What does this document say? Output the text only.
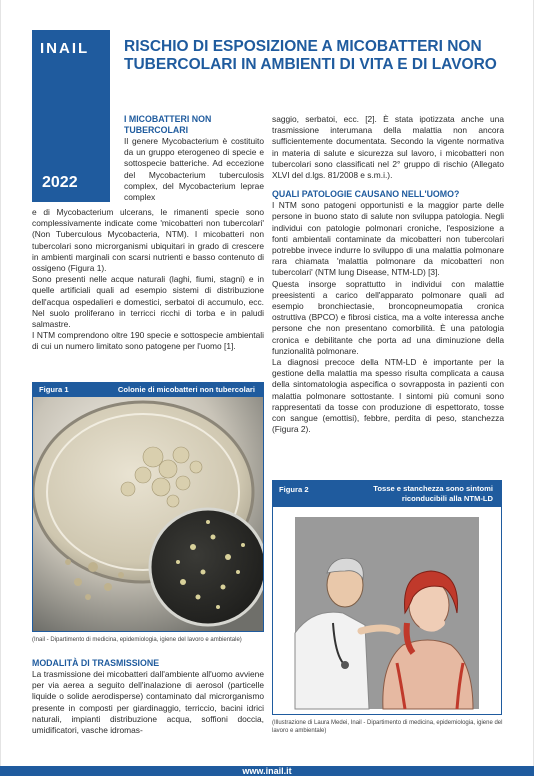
INAIL
2022
RISCHIO DI ESPOSIZIONE A MICOBATTERI NON TUBERCOLARI IN AMBIENTI DI VITA E DI LAVORO
I MICOBATTERI NON TUBERCOLARI

Il genere Mycobacterium è costituito da un gruppo eterogeneo di specie e sottospecie batteriche. Ad eccezione del Mycobacterium tuberculosis complex, del Mycobacterium leprae complex

e di Mycobacterium ulcerans, le rimanenti specie sono complessivamente indicate come 'micobatteri non tubercolari' (Non Tuberculous Mycobacteria, NTM). I micobatteri non tubercolari sono microrganismi ubiquitari in grado di crescere in ambienti marginali con scarsi nutrienti e basso contenuto di ossigeno (Figura 1).

Sono presenti nelle acque naturali (laghi, fiumi, stagni) e in quelle artificiali quali ad esempio sistemi di distribuzione dell'acqua ospedalieri e domestici, serbatoi di accumulo, ecc. Nel suolo proliferano in terricci ricchi di torba e in paludi salmastre.

I NTM comprendono oltre 190 specie e sottospecie ambientali di cui un numero limitato sono patogene per l'uomo [1].

Figura 1	Colonie di micobatteri non tubercolari
(Inail - Dipartimento di medicina, epidemiologia, igiene del lavoro e ambientale)
MODALITÀ DI TRASMISSIONE

La trasmissione dei micobatteri dall'ambiente all'uomo avviene per via aerea a seguito dell'inalazione di aerosol (particelle liquide o solide aerodisperse) contaminato dal microrganismo presente in composti per giardinaggio, terriccio, bacini idrici naturali, impianti distribuzione acqua, soffioni doccia, umidificatori, vasche idromas-

saggio, serbatoi, ecc. [2]. È stata ipotizzata anche una trasmissione interumana della malattia non ancora sufficientemente documentata. Secondo la vigente normativa in materia di salute e sicurezza sul lavoro, i micobatteri non tubercolari sono classificati nel 2° gruppo di rischio (Allegato XLVI del d.lgs. 81/2008 e s.m.i.).

QUALI PATOLOGIE CAUSANO NELL'UOMO?

I NTM sono patogeni opportunisti e la maggior parte delle persone in buono stato di salute non sviluppa patologia. Negli individui con patologie polmonari croniche, l'esposizione a fonti ambientali contaminate da micobatteri non tubercolari potrebbe invece indurre lo sviluppo di una malattia polmonare rara chiamata 'malattia polmonare da micobatteri non tubercolari' (NTM lung Disease, NTM-LD) [3].

Questa insorge soprattutto in individui con malattie preesistenti a carico dell'apparato polmonare quali ad esempio bronchiectasie, broncopneumopatia cronica ostruttiva (BPCO) e fibrosi cistica, ma a volte interessa anche persone che non presentano comorbilità. È una patologia cronica e debilitante che porta ad una diminuzione della funzionalità polmonare.

La diagnosi precoce della NTM-LD è importante per la gestione della malattia ma spesso risulta complicata a causa della sintomatologia aspecifica o sovrapposta in pazienti con malattia polmonare sottostante. I sintomi più comuni sono rappresentati da tosse con produzione di espettorato, tosse con sangue (emottisi), febbre, perdita di peso, stanchezza (Figura 2).

Figura 2	Tosse e stanchezza sono sintomi riconducibili alla NTM-LD
(Illustrazione di Laura Medei, Inail - Dipartimento di medicina, epidemiologia, igiene del lavoro e ambientale)
www.inail.it
